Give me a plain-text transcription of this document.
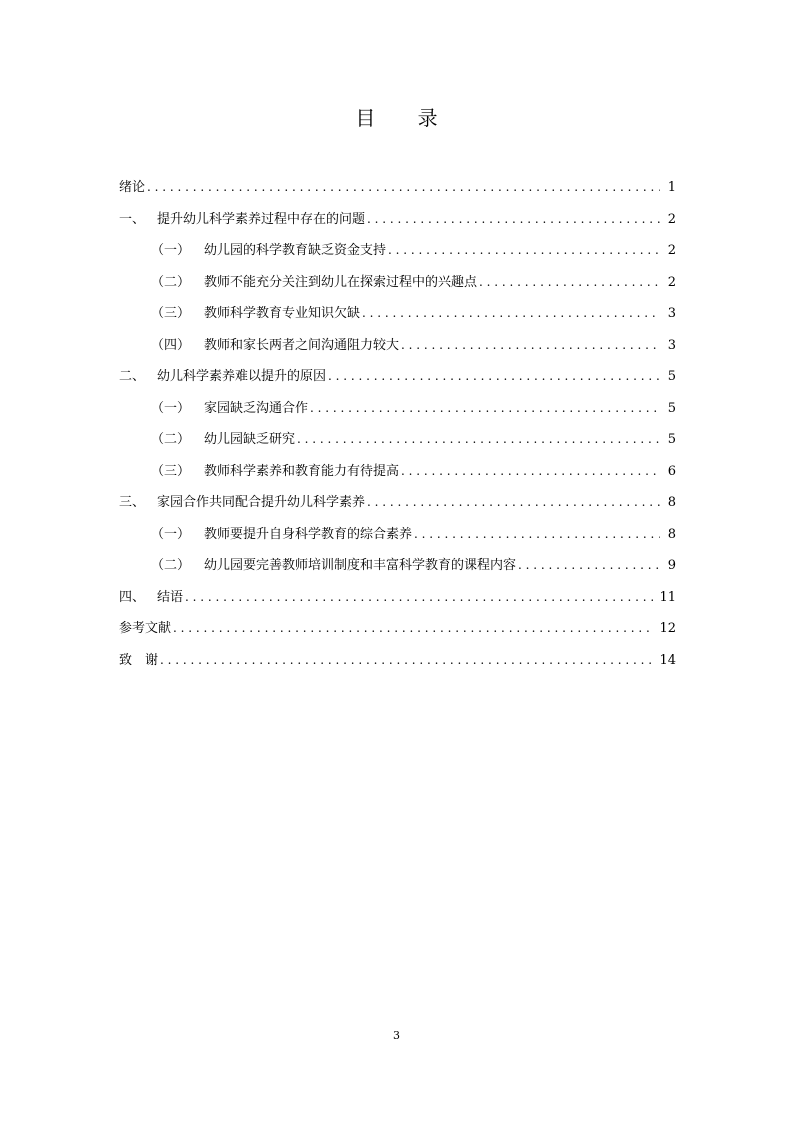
目 录
绪论 . . .	1
一、 提升幼儿科学素养过程中存在的问题 . . .	2
（一） 幼儿园的科学教育缺乏资金支持 . . .	2
（二） 教师不能充分关注到幼儿在探索过程中的兴趣点 . . .	2
（三） 教师科学教育专业知识欠缺 . . .	3
（四） 教师和家长两者之间沟通阻力较大 . . .	3
二、 幼儿科学素养难以提升的原因 . . .	5
（一） 家园缺乏沟通合作 . . .	5
（二） 幼儿园缺乏研究 . . .	5
（三） 教师科学素养和教育能力有待提高 . . .	6
三、 家园合作共同配合提升幼儿科学素养 . . .	8
（一） 教师要提升自身科学教育的综合素养 . . .	8
（二） 幼儿园要完善教师培训制度和丰富科学教育的课程内容 . . .	9
四、 结语 . . .	11
参考文献 . . .	12
致　谢 . . .	14
3
